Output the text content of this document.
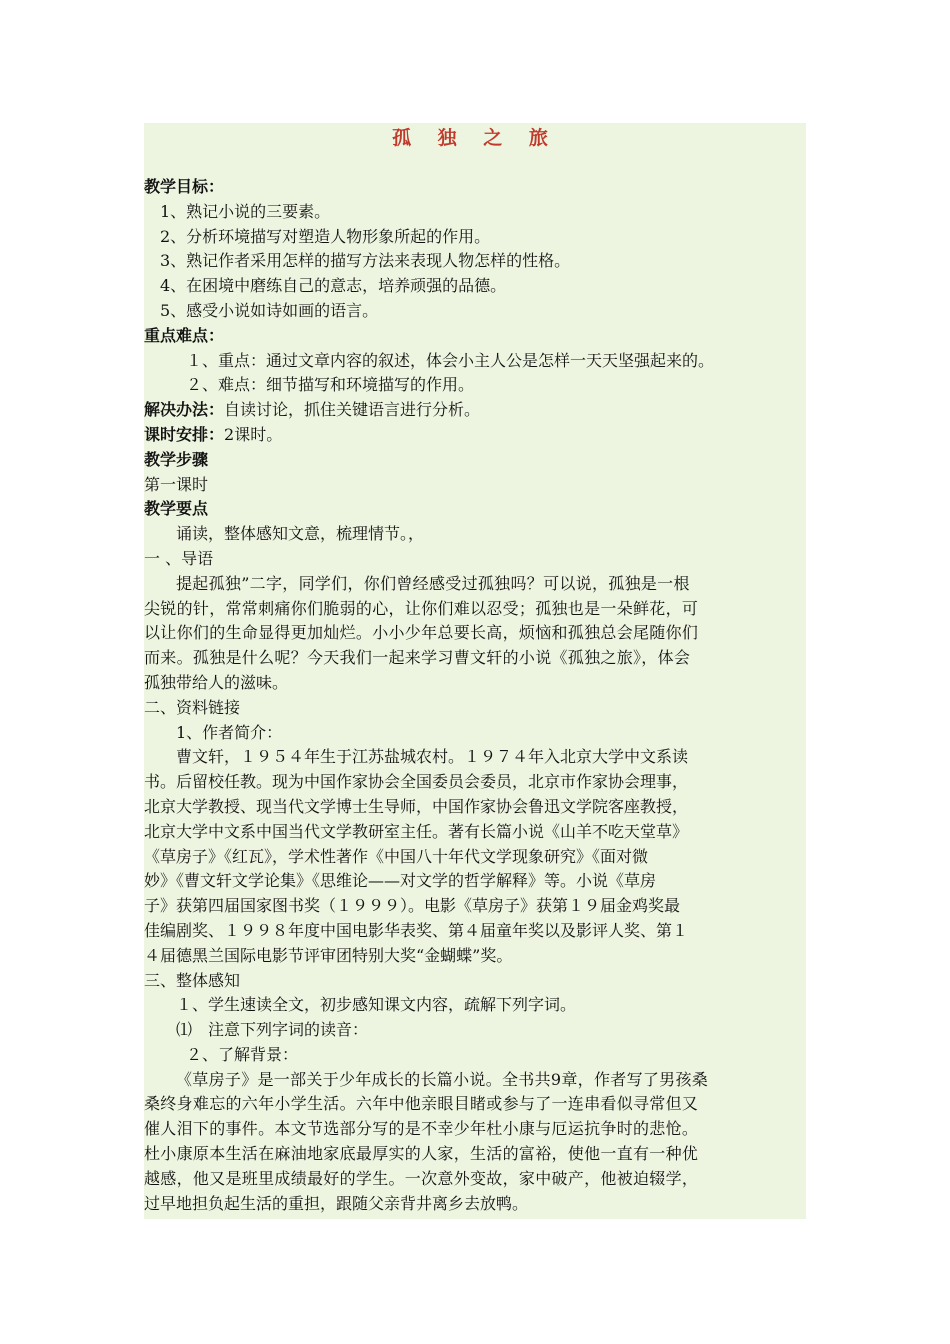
孤 独 之 旅

教学目标：

1、熟记小说的三要素。

2、分析环境描写对塑造人物形象所起的作用。

3、熟记作者采用怎样的描写方法来表现人物怎样的性格。

4、在困境中磨练自己的意志，培养顽强的品德。

5、感受小说如诗如画的语言。

重点难点：

１、重点：通过文章内容的叙述，体会小主人公是怎样一天天坚强起来的。

２、难点：细节描写和环境描写的作用。

解决办法：自读讨论，抓住关键语言进行分析。

课时安排：2课时。

教学步骤

第一课时

教学要点

诵读，整体感知文意，梳理情节。，

一 、导语

提起孤独”二字，同学们，你们曾经感受过孤独吗？可以说，孤独是一根

尖锐的针，常常刺痛你们脆弱的心，让你们难以忍受；孤独也是一朵鲜花，可

以让你们的生命显得更加灿烂。小小少年总要长高，烦恼和孤独总会尾随你们

而来。孤独是什么呢？今天我们一起来学习曹文轩的小说《孤独之旅》，体会

孤独带给人的滋味。

二、资料链接

1、作者简介：

曹文轩，１９５４年生于江苏盐城农村。１９７４年入北京大学中文系读

书。后留校任教。现为中国作家协会全国委员会委员，北京市作家协会理事，

北京大学教授、现当代文学博士生导师，中国作家协会鲁迅文学院客座教授，

北京大学中文系中国当代文学教研室主任。著有长篇小说《山羊不吃天堂草》

《草房子》《红瓦》，学术性著作《中国八十年代文学现象研究》《面对微

妙》《曹文轩文学论集》《思维论——对文学的哲学解释》等。小说《草房

子》获第四届国家图书奖（１９９９）。电影《草房子》获第１９届金鸡奖最

佳编剧奖、１９９８年度中国电影华表奖、第４届童年奖以及影评人奖、第１

４届德黑兰国际电影节评审团特别大奖“金蝴蝶”奖。

三、整体感知

１、学生速读全文，初步感知课文内容，疏解下列字词。

⑴　注意下列字词的读音：

２、了解背景：

《草房子》是一部关于少年成长的长篇小说。全书共9章，作者写了男孩桑

桑终身难忘的六年小学生活。六年中他亲眼目睹或参与了一连串看似寻常但又

催人泪下的事件。本文节选部分写的是不幸少年杜小康与厄运抗争时的悲怆。

杜小康原本生活在麻油地家底最厚实的人家，生活的富裕，使他一直有一种优

越感，他又是班里成绩最好的学生。一次意外变故，家中破产，他被迫辍学，

过早地担负起生活的重担，跟随父亲背井离乡去放鸭。
